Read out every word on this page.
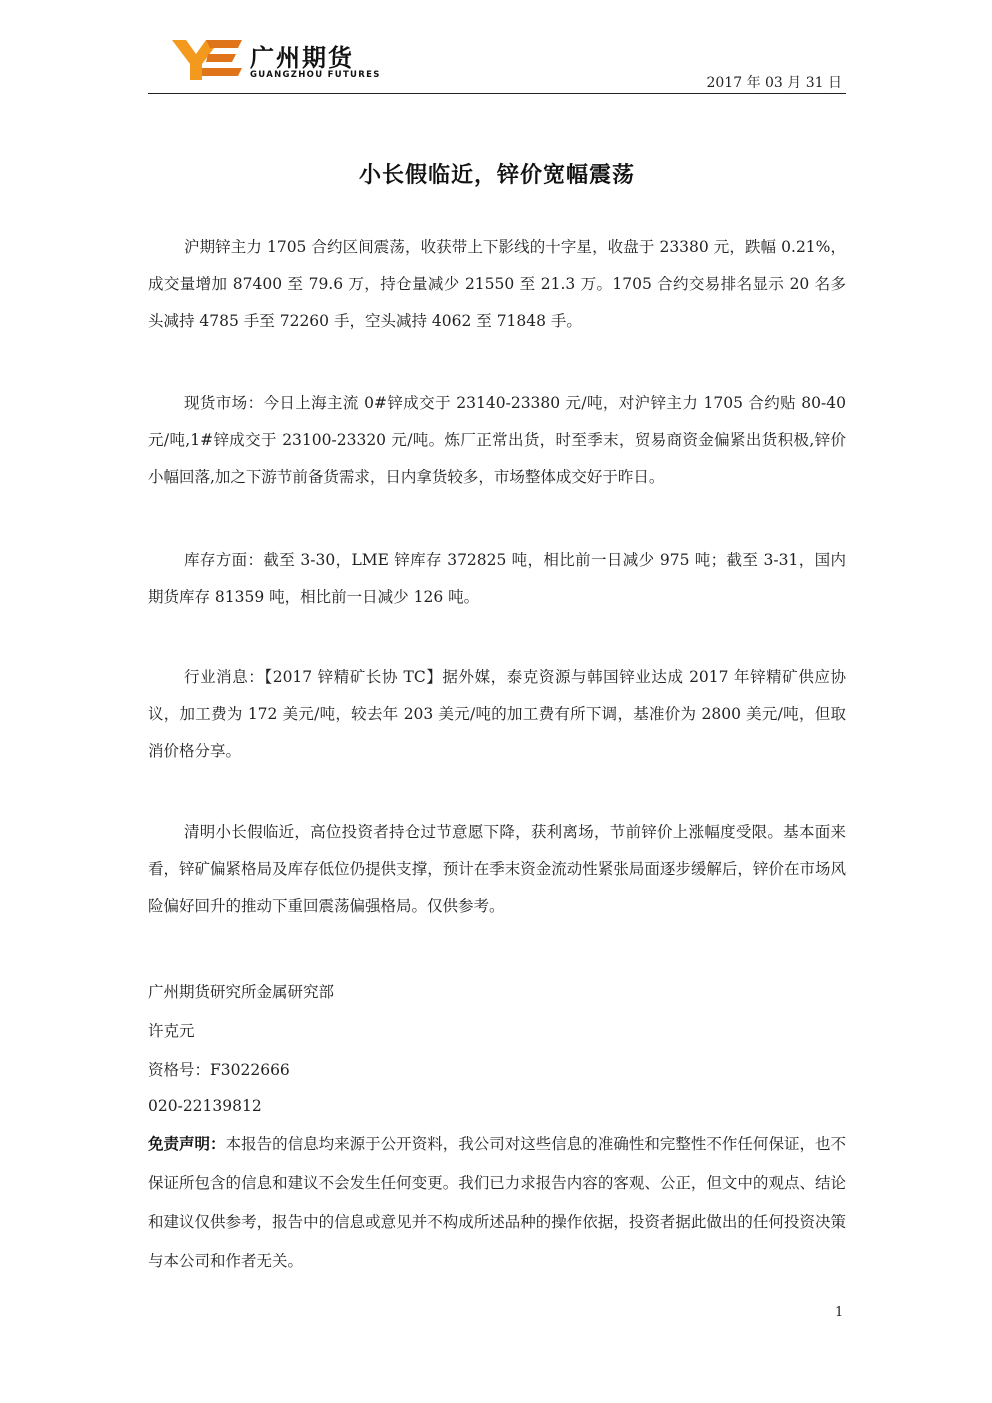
广州期货
GUANGZHOU FUTURES	2017 年 03 月 31 日
小长假临近，锌价宽幅震荡

沪期锌主力 1705 合约区间震荡，收获带上下影线的十字星，收盘于 23380 元，跌幅 0.21%，成交量增加 87400 至 79.6 万，持仓量减少 21550 至 21.3 万。1705 合约交易排名显示 20 名多头减持 4785 手至 72260 手，空头减持 4062 至 71848 手。

现货市场：今日上海主流 0#锌成交于 23140-23380 元/吨，对沪锌主力 1705 合约贴 80-40 元/吨,1#锌成交于 23100-23320 元/吨。炼厂正常出货，时至季末，贸易商资金偏紧出货积极,锌价小幅回落,加之下游节前备货需求，日内拿货较多，市场整体成交好于昨日。

库存方面：截至 3-30，LME 锌库存 372825 吨，相比前一日减少 975 吨；截至 3-31，国内期货库存 81359 吨，相比前一日减少 126 吨。

行业消息：【2017 锌精矿长协 TC】据外媒，泰克资源与韩国锌业达成 2017 年锌精矿供应协议，加工费为 172 美元/吨，较去年 203 美元/吨的加工费有所下调，基准价为 2800 美元/吨，但取消价格分享。

清明小长假临近，高位投资者持仓过节意愿下降，获利离场，节前锌价上涨幅度受限。基本面来看，锌矿偏紧格局及库存低位仍提供支撑，预计在季末资金流动性紧张局面逐步缓解后，锌价在市场风险偏好回升的推动下重回震荡偏强格局。仅供参考。

广州期货研究所金属研究部
许克元
资格号：F3022666
020-22139812

免责声明：本报告的信息均来源于公开资料，我公司对这些信息的准确性和完整性不作任何保证，也不保证所包含的信息和建议不会发生任何变更。我们已力求报告内容的客观、公正，但文中的观点、结论和建议仅供参考，报告中的信息或意见并不构成所述品种的操作依据，投资者据此做出的任何投资决策与本公司和作者无关。

1
